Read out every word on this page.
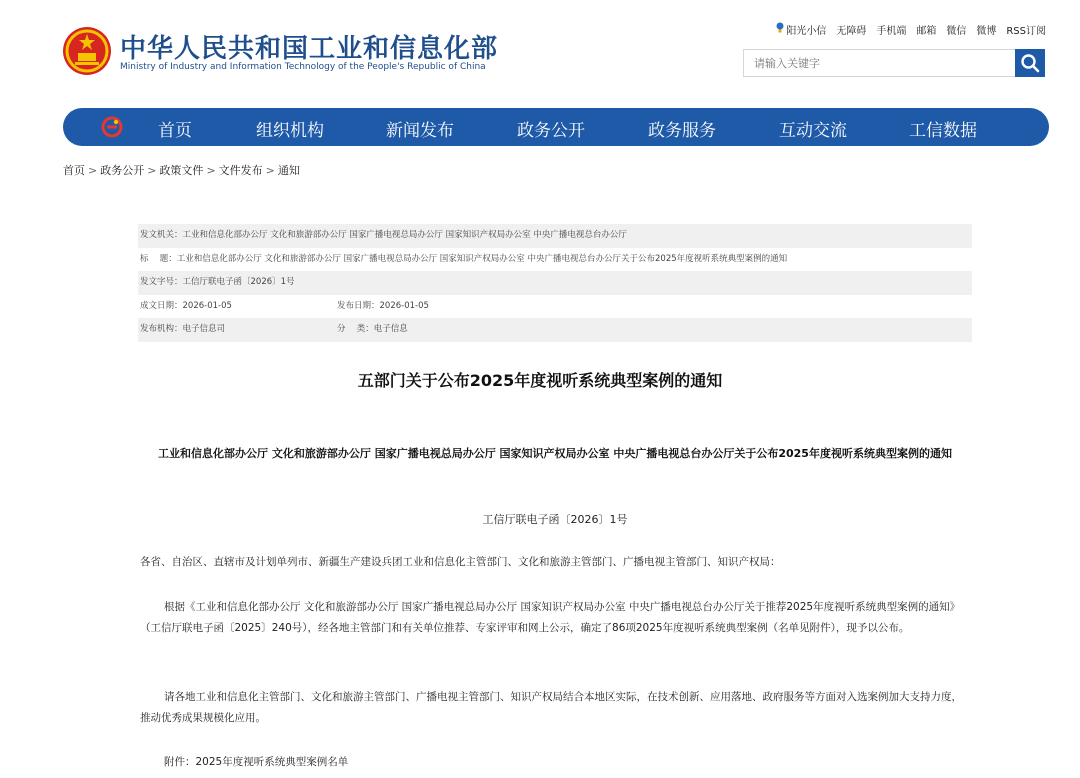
中华人民共和国工业和信息化部
Ministry of Industry and Information Technology of the People's Republic of China
阳光小信 无障碍 手机端 邮箱 微信 微博 RSS订阅
请输入关键字
首页	组织机构	新闻发布	政务公开	政务服务	互动交流	工信数据
首页 > 政务公开 > 政策文件 > 文件发布 > 通知
发文机关：工业和信息化部办公厅 文化和旅游部办公厅 国家广播电视总局办公厅 国家知识产权局办公室 中央广播电视总台办公厅
标　 题：工业和信息化部办公厅 文化和旅游部办公厅 国家广播电视总局办公厅 国家知识产权局办公室 中央广播电视总台办公厅关于公布2025年度视听系统典型案例的通知
发文字号：工信厅联电子函〔2026〕1号
成文日期：2026-01-05	发布日期：2026-01-05
发布机构：电子信息司	分　 类：电子信息
五部门关于公布2025年度视听系统典型案例的通知
工业和信息化部办公厅 文化和旅游部办公厅 国家广播电视总局办公厅 国家知识产权局办公室 中央广播电视总台办公厅关于公布2025年度视听系统典型案例的通知
工信厅联电子函〔2026〕1号
各省、自治区、直辖市及计划单列市、新疆生产建设兵团工业和信息化主管部门、文化和旅游主管部门、广播电视主管部门、知识产权局：
根据《工业和信息化部办公厅 文化和旅游部办公厅 国家广播电视总局办公厅 国家知识产权局办公室 中央广播电视总台办公厅关于推荐2025年度视听系统典型案例的通知》（工信厅联电子函〔2025〕240号），经各地主管部门和有关单位推荐、专家评审和网上公示，确定了86项2025年度视听系统典型案例（名单见附件），现予以公布。
请各地工业和信息化主管部门、文化和旅游主管部门、广播电视主管部门、知识产权局结合本地区实际，在技术创新、应用落地、政府服务等方面对入选案例加大支持力度，推动优秀成果规模化应用。
附件：2025年度视听系统典型案例名单
